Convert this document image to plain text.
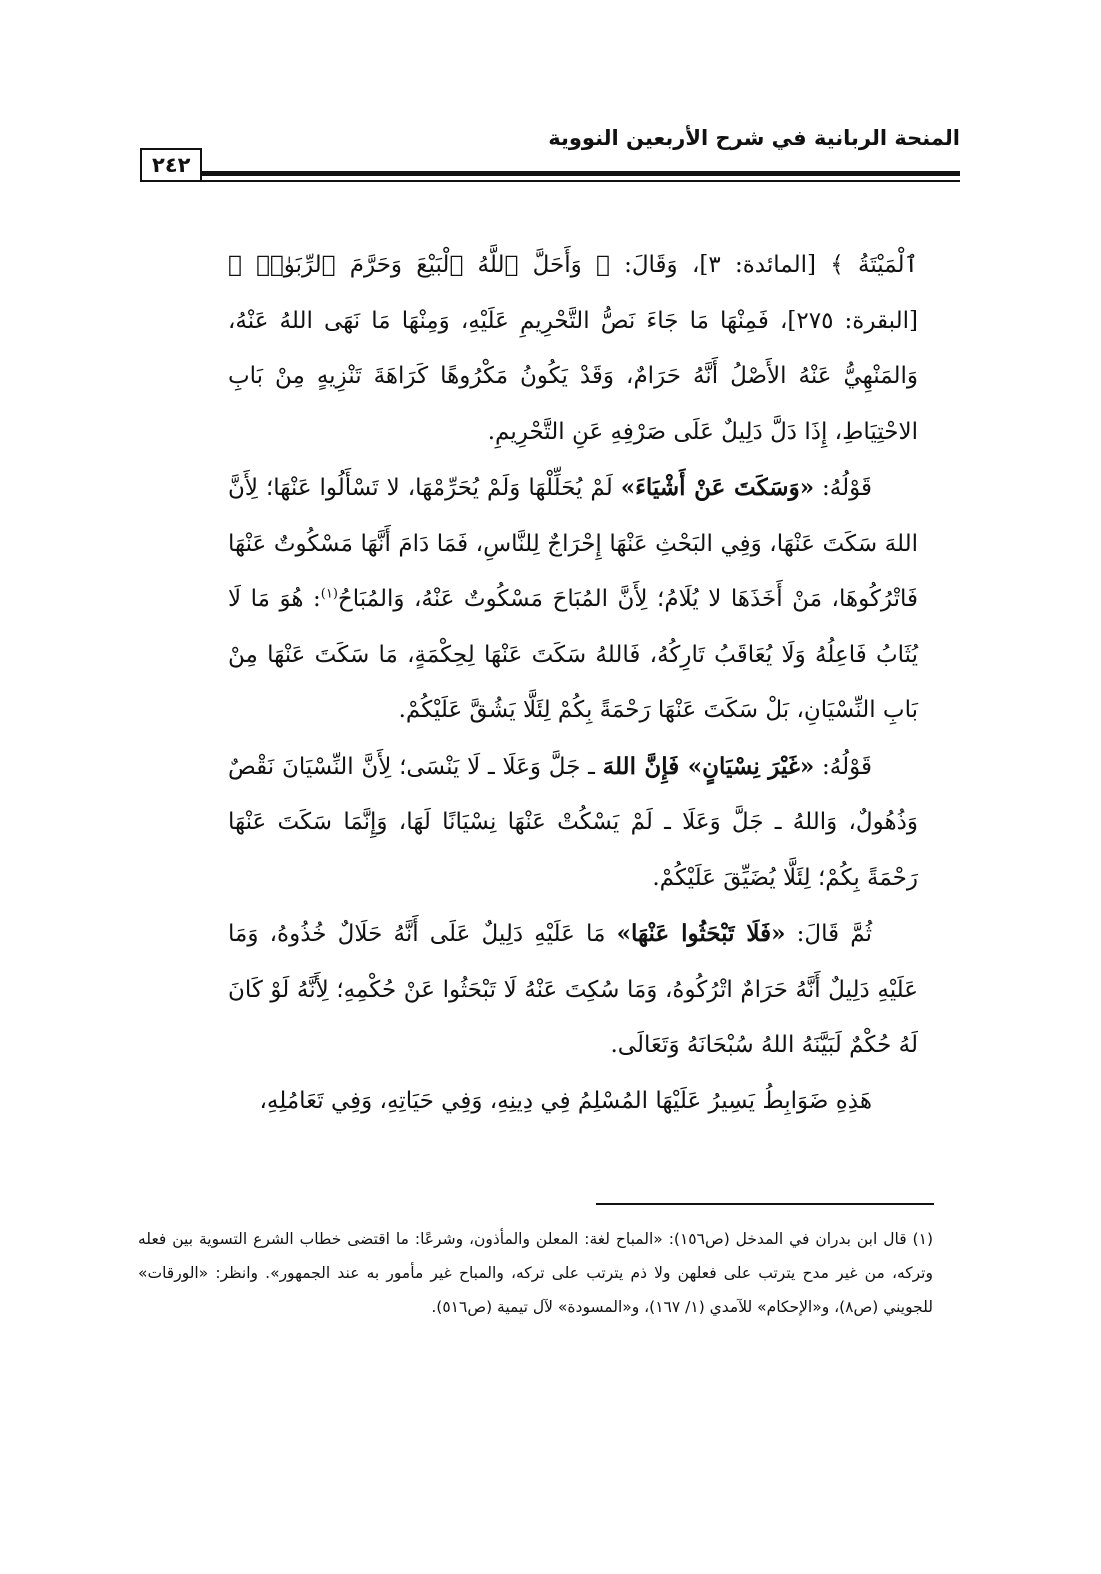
المنحة الربانية في شرح الأربعين النووية
٢٤٢

ٱلْمَيْتَةُ ﴾ [المائدة: ٣]، وَقَالَ: ﴿ وَأَحَلَّ ٱللَّهُ ٱلْبَيْعَ وَحَرَّمَ ٱلرِّبَوٰا۟ ﴾ [البقرة: ٢٧٥]، فَمِنْهَا مَا جَاءَ نَصُّ التَّحْرِيمِ عَلَيْهِ، وَمِنْهَا مَا نَهَى اللهُ عَنْهُ، وَالمَنْهِيُّ عَنْهُ الأَصْلُ أَنَّهُ حَرَامٌ، وَقَدْ يَكُونُ مَكْرُوهًا كَرَاهَةَ تَنْزِيهٍ مِنْ بَابِ الاحْتِيَاطِ، إِذَا دَلَّ دَلِيلٌ عَلَى صَرْفِهِ عَنِ التَّحْرِيمِ.

قَوْلُهُ: «وَسَكَتَ عَنْ أَشْيَاءَ» لَمْ يُحَلِّلْهَا وَلَمْ يُحَرِّمْهَا، لا تَسْأَلُوا عَنْهَا؛ لِأَنَّ اللهَ سَكَتَ عَنْهَا، وَفِي البَحْثِ عَنْهَا إِحْرَاجٌ لِلنَّاسِ، فَمَا دَامَ أَنَّهَا مَسْكُوتٌ عَنْهَا فَاتْرُكُوهَا، مَنْ أَخَذَهَا لا يُلَامُ؛ لِأَنَّ المُبَاحَ مَسْكُوتٌ عَنْهُ، وَالمُبَاحُ$^{(١)}$: هُوَ مَا لَا يُثَابُ فَاعِلُهُ وَلَا يُعَاقَبُ تَارِكُهُ، فَاللهُ سَكَتَ عَنْهَا لِحِكْمَةٍ، مَا سَكَتَ عَنْهَا مِنْ بَابِ النِّسْيَانِ، بَلْ سَكَتَ عَنْهَا رَحْمَةً بِكُمْ لِئَلَّا يَشُقَّ عَلَيْكُمْ.

قَوْلُهُ: «غَيْرَ نِسْيَانٍ» فَإِنَّ اللهَ ـ جَلَّ وَعَلَا ـ لَا يَنْسَى؛ لِأَنَّ النِّسْيَانَ نَقْصٌ وَذُهُولٌ، وَاللهُ ـ جَلَّ وَعَلَا ـ لَمْ يَسْكُتْ عَنْهَا نِسْيَانًا لَهَا، وَإِنَّمَا سَكَتَ عَنْهَا رَحْمَةً بِكُمْ؛ لِئَلَّا يُضَيِّقَ عَلَيْكُمْ.

ثُمَّ قَالَ: «فَلَا تَبْحَثُوا عَنْهَا» مَا عَلَيْهِ دَلِيلٌ عَلَى أَنَّهُ حَلَالٌ خُذُوهُ، وَمَا عَلَيْهِ دَلِيلٌ أَنَّهُ حَرَامٌ اتْرُكُوهُ، وَمَا سُكِتَ عَنْهُ لَا تَبْحَثُوا عَنْ حُكْمِهِ؛ لِأَنَّهُ لَوْ كَانَ لَهُ حُكْمٌ لَبَيَّنَهُ اللهُ سُبْحَانَهُ وَتَعَالَى.

هَذِهِ ضَوَابِطُ يَسِيرُ عَلَيْهَا المُسْلِمُ فِي دِينِهِ، وَفِي حَيَاتِهِ، وَفِي تَعَامُلِهِ،

(١) قال ابن بدران في المدخل (ص١٥٦): «المباح لغة: المعلن والمأذون، وشرعًا: ما اقتضى خطاب الشرع التسوية بين فعله وتركه، من غير مدح يترتب على فعلهن ولا ذم يترتب على تركه، والمباح غير مأمور به عند الجمهور». وانظر: «الورقات» للجويني (ص٨)، و«الإحكام» للآمدي (١/ ١٦٧)، و«المسودة» لآل تيمية (ص٥١٦).
